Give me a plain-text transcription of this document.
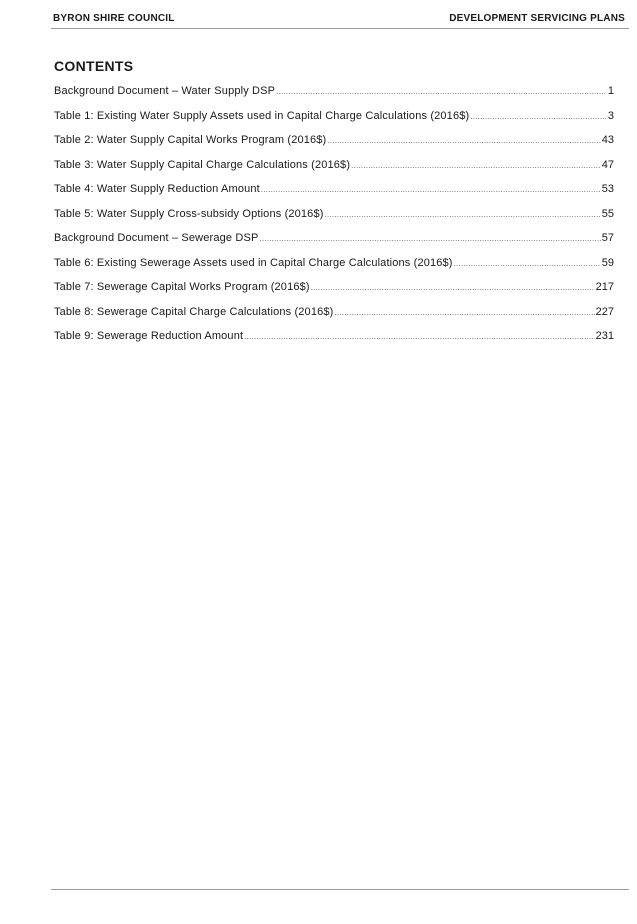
BYRON SHIRE COUNCIL	DEVELOPMENT SERVICING PLANS
CONTENTS
Background Document – Water Supply DSP . . .	1
Table 1: Existing Water Supply Assets used in Capital Charge Calculations (2016$) . . .	3
Table 2: Water Supply Capital Works Program (2016$) . . .	43
Table 3: Water Supply Capital Charge Calculations (2016$) . . .	47
Table 4: Water Supply Reduction Amount . . .	53
Table 5: Water Supply Cross-subsidy Options (2016$) . . .	55
Background Document – Sewerage DSP . . .	57
Table 6: Existing Sewerage Assets used in Capital Charge Calculations (2016$) . . .	59
Table 7: Sewerage Capital Works Program (2016$) . . .	217
Table 8: Sewerage Capital Charge Calculations (2016$) . . .	227
Table 9: Sewerage Reduction Amount . . .	231
